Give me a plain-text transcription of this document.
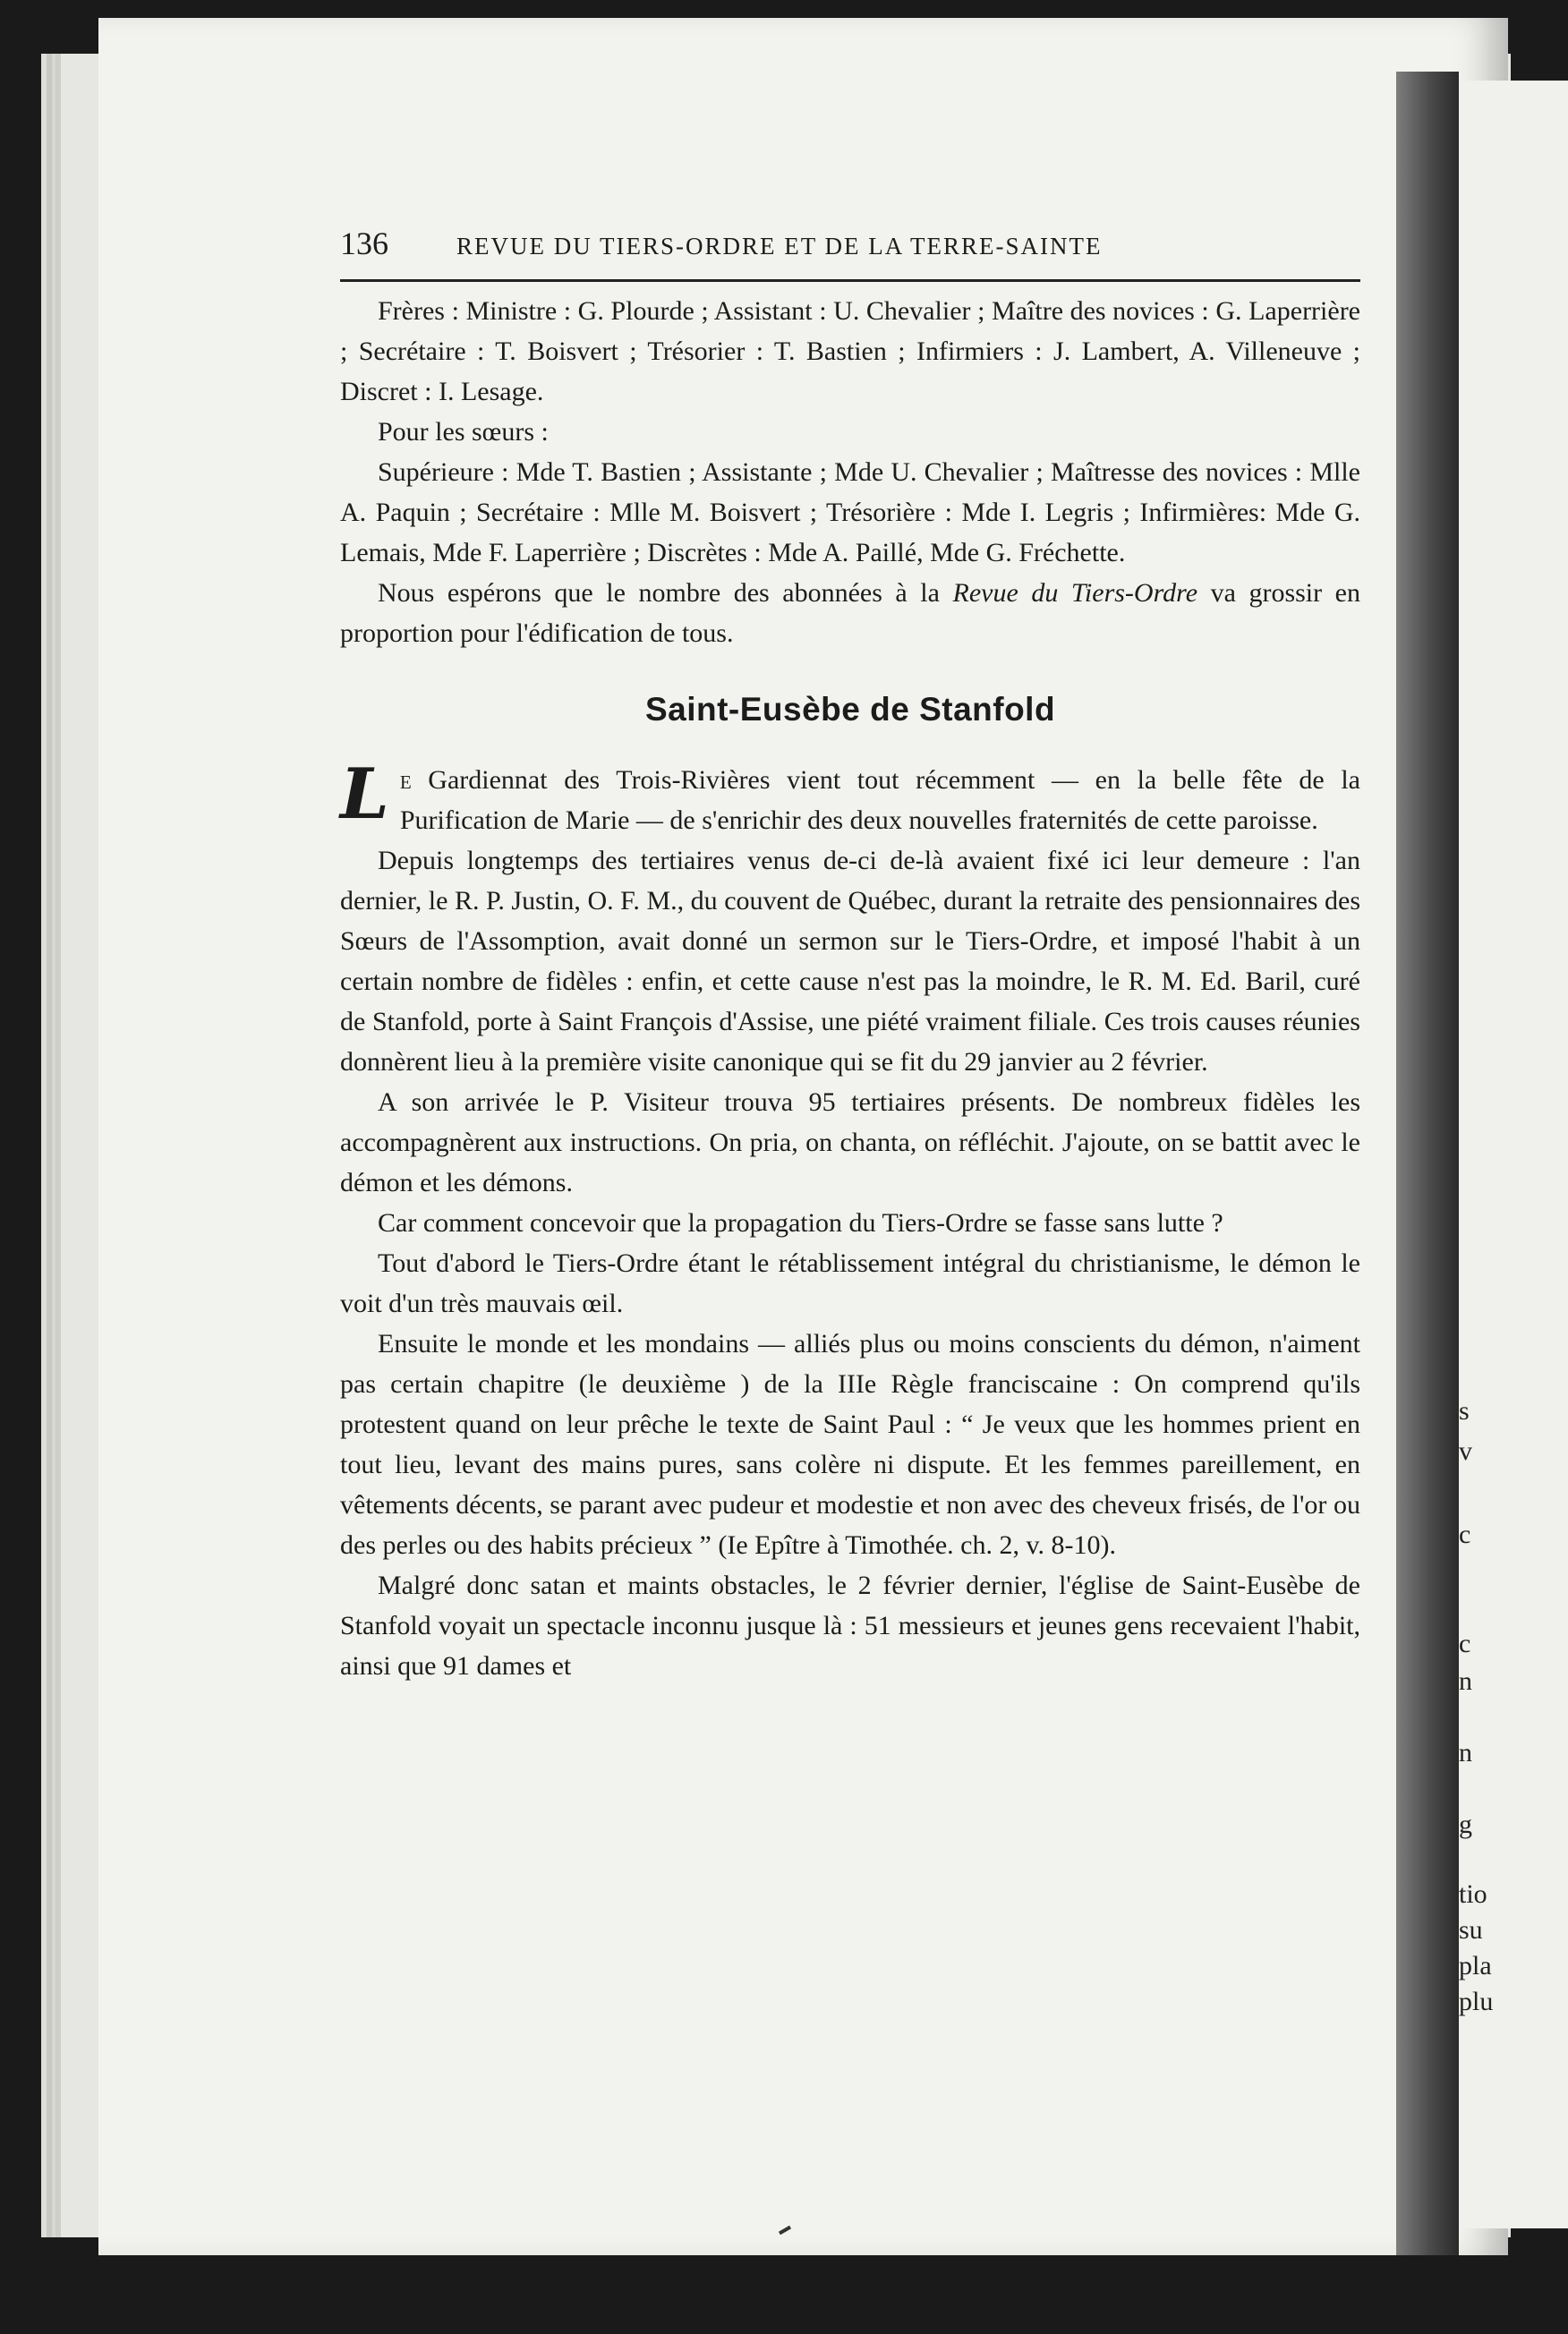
s
v
c
c
n
n
g
tio
su
pla
plu
136	REVUE DU TIERS-ORDRE ET DE LA TERRE-SAINTE

Frères : Ministre : G. Plourde ; Assistant : U. Chevalier ; Maître des novices : G. Laperrière ; Secrétaire : T. Boisvert ; Trésorier : T. Bastien ; Infirmiers : J. Lambert, A. Villeneuve ; Discret : I. Lesage.

Pour les sœurs :

Supérieure : Mde T. Bastien ; Assistante ; Mde U. Chevalier ; Maîtresse des novices : Mlle A. Paquin ; Secrétaire : Mlle M. Boisvert ; Trésorière : Mde I. Legris ; Infirmières: Mde G. Lemais, Mde F. Laperrière ; Discrètes : Mde A. Paillé, Mde G. Fréchette.

Nous espérons que le nombre des abonnées à la Revue du Tiers-Ordre va grossir en proportion pour l'édification de tous.

Saint-Eusèbe de Stanfold

Le Gardiennat des Trois-Rivières vient tout récemment — en la belle fête de la Purification de Marie — de s'enrichir des deux nouvelles fraternités de cette paroisse.

Depuis longtemps des tertiaires venus de-ci de-là avaient fixé ici leur demeure : l'an dernier, le R. P. Justin, O. F. M., du couvent de Québec, durant la retraite des pensionnaires des Sœurs de l'Assomption, avait donné un sermon sur le Tiers-Ordre, et imposé l'habit à un certain nombre de fidèles : enfin, et cette cause n'est pas la moindre, le R. M. Ed. Baril, curé de Stanfold, porte à Saint François d'Assise, une piété vraiment filiale. Ces trois causes réunies donnèrent lieu à la première visite canonique qui se fit du 29 janvier au 2 février.

A son arrivée le P. Visiteur trouva 95 tertiaires présents. De nombreux fidèles les accompagnèrent aux instructions. On pria, on chanta, on réfléchit. J'ajoute, on se battit avec le démon et les démons.

Car comment concevoir que la propagation du Tiers-Ordre se fasse sans lutte ?

Tout d'abord le Tiers-Ordre étant le rétablissement intégral du christianisme, le démon le voit d'un très mauvais œil.

Ensuite le monde et les mondains — alliés plus ou moins conscients du démon, n'aiment pas certain chapitre (le deuxième ) de la IIIe Règle franciscaine : On comprend qu'ils protestent quand on leur prêche le texte de Saint Paul : “ Je veux que les hommes prient en tout lieu, levant des mains pures, sans colère ni dispute. Et les femmes pareillement, en vêtements décents, se parant avec pudeur et modestie et non avec des cheveux frisés, de l'or ou des perles ou des habits précieux ” (Ie Epître à Timothée. ch. 2, v. 8-10).

Malgré donc satan et maints obstacles, le 2 février dernier, l'église de Saint-Eusèbe de Stanfold voyait un spectacle inconnu jusque là : 51 messieurs et jeunes gens recevaient l'habit, ainsi que 91 dames et
